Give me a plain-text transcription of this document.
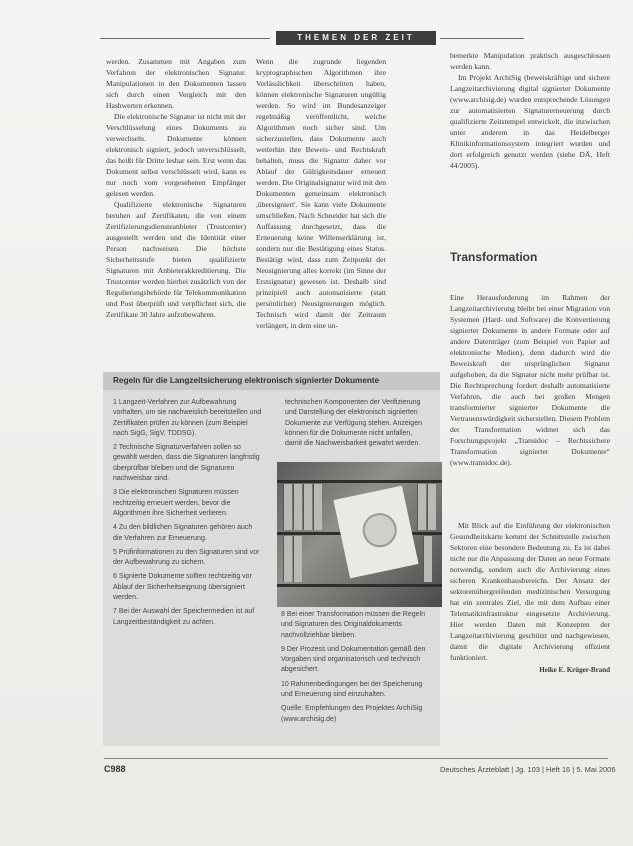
THEMEN DER ZEIT

werden. Zusammen mit Angaben zum Verfahren der elektronischen Signatur. Manipulationen in den Dokumenten lassen sich durch einen Vergleich mit den Hashwerten erkennen.

Die elektronische Signatur ist nicht mit der Verschlüsselung eines Dokuments zu verwechseln. Dokumente können elektronisch signiert, jedoch unverschlüsselt, das heißt für Dritte lesbar sein. Erst wenn das Dokument selbst verschlüsselt wird, kann es nur noch vom vorgesehenen Empfänger gelesen werden.

Qualifizierte elektronische Signaturen beruhen auf Zertifikaten, die von einem Zertifizierungsdiensteanbieter (Trustcenter) ausgestellt werden und die Identität einer Person nachweisen. Die höchste Sicherheitsstufe bieten qualifizierte Signaturen mit Anbieterakkreditierung. Die Trustcenter werden hierbei zusätzlich von der Regulierungsbehörde für Telekommunikation und Post überprüft und verpflichtet sich, die Zertifikate 30 Jahre aufzubewahren.

Wenn die zugrunde liegenden kryptographischen Algorithmen ihre Verlässlichkeit überschritten haben, können elektronische Signaturen ungültig werden. So wird im Bundesanzeiger regelmäßig veröffentlicht, welche Algorithmen noch sicher sind. Um sicherzustellen, dass Dokumente auch weiterhin ihre Beweis- und Rechtskraft behalten, muss die Signatur daher vor Ablauf der Gültigkeitsdauer erneuert werden. Die Originalsignatur wird mit den Dokumenten gemeinsam elektronisch ,übersigniert'. Sie kann viele Dokumente umschließen. Nach Schneider hat sich die Auffassung durchgesetzt, dass die Erneuerung keine Willenserklärung ist, sondern nur die Bestätigung eines Status. Bestätigt wird, dass zum Zeitpunkt der Neusignierung alles korrekt (im Sinne der Erstsignatur) gewesen ist. Deshalb sind prinzipiell auch automatisierte (statt persönlicher) Neusignierungen möglich. Technisch wird damit der Zeitraum verlängert, in dem eine un-

bemerkte Manipulation praktisch ausgeschlossen werden kann.

Im Projekt ArchiSig (beweiskräftige und sichere Langzeitarchivierung digital signierter Dokumente (www.archisig.de) wurden entsprechende Lösungen zur automatisierten Signaturerneuerung durch qualifizierte Zeitstempel entwickelt, die inzwischen unter anderem in das Heidelberger Klinikinformationssystem integriert wurden und dort erfolgreich genutzt werden (siehe DÄ, Heft 44/2005).

Transformation

Eine Herausforderung im Rahmen der Langzeitarchivierung bleibt bei einer Migration von Systemen (Hard- und Software) die Konvertierung signierter Dokumente in andere Formate oder auf andere Datenträger (zum Beispiel von Papier auf elektronische Medien), denn dadurch wird die Beweiskraft der ursprünglichen Signatur aufgehoben, da die Signatur nicht mehr prüfbar ist. Die Rechtsprechung fordert deshalb automatisierte Verfahren, die auch bei großen Mengen transformierter signierter Dokumente die Vertrauenswürdigkeit sicherstellen. Diesem Problem der Transformation widmet sich das Forschungsprojekt „Transidoc – Rechtssichere Transformation signierter Dokumente“ (www.transidoc.de).

Mit Blick auf die Einführung der elektronischen Gesundheitskarte kommt der Schnittstelle zwischen Sektoren eine besondere Bedeutung zu. Es ist dabei nicht nur die Anpassung der Daten an neue Formate notwendig, sondern auch die Archivierung eines sicheren Krankenhausbereichs. Der Ansatz der sektorenübergreifenden medizinischen Versorgung hat ein zentrales Ziel, die mit dem Aufbau einer Telematikinfrastruktur eingesetzte Archivierung. Hier werden Daten mit Konzepten der Langzeitarchivierung geschützt und nachgewiesen, damit die digitale Archivierung effizient funktioniert.

Heike E. Krüger-Brand

Regeln für die Langzeitsicherung elektronisch signierter Dokumente

1 Langzeit-Verfahren zur Aufbewahrung vorhalten, um sie nachweislich bereitstellen und Zertifikaten prüfen zu können (zum Beispiel nach SigG, SigV, TDDSG).

2 Technische Signaturverfahren sollen so gewählt werden, dass die Signaturen langfristig überprüfbar bleiben und die Signaturen nachweisbar sind.

3 Die elektronischen Signaturen müssen rechtzeitig erneuert werden, bevor die Algorithmen ihre Sicherheit verlieren.

4 Zu den bildlichen Signaturen gehören auch die Verfahren zur Erneuerung.

5 Prüfinformationen zu den Signaturen sind vor der Aufbewahrung zu sichern.

6 Signierte Dokumente sollten rechtzeitig vor Ablauf der Sicherheitseignung übersigniert werden.

7 Bei der Auswahl der Speichermedien ist auf Langzeitbeständigkeit zu achten.

technischen Komponenten der Verifizierung und Darstellung der elektronisch signierten Dokumente zur Verfügung stehen. Anzeigen können für die Dokumente nicht anfallen, damit die Nachweisbarkeit gewahrt werden.

8 Bei einer Transformation müssen die Regeln und Signaturen des Originaldokuments nachvollziehbar bleiben.

9 Der Prozess und Dokumentation gemäß den Vorgaben sind organisatorisch und technisch abgesichert.

10 Rahmenbedingungen bei der Speicherung und Erneuerung sind einzuhalten.

Quelle: Empfehlungen des Projektes ArchiSig (www.archisig.de)

C988	Deutsches Ärzteblatt | Jg. 103 | Heft 16 | 5. Mai 2006
